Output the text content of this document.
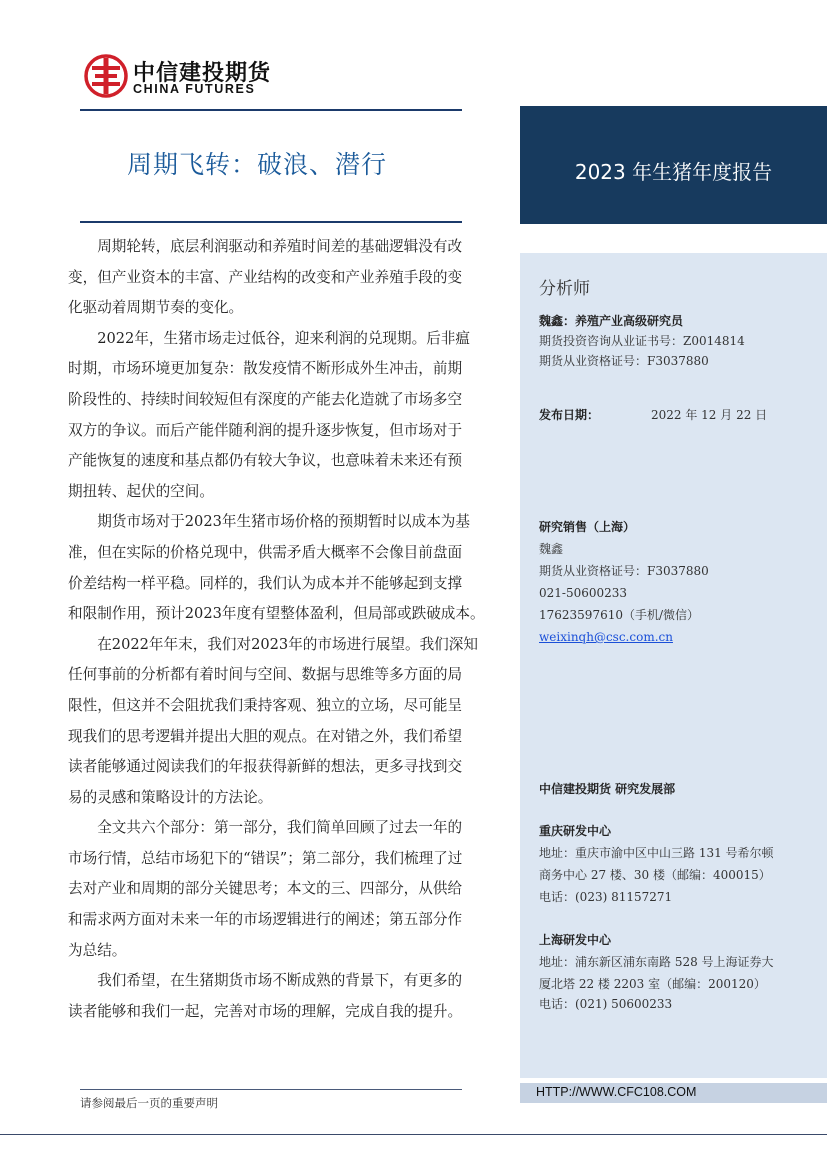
中信建投期货
CHINA FUTURES
周期飞转：破浪、潜行	2023 年生猪年度报告

周期轮转，底层利润驱动和养殖时间差的基础逻辑没有改
变，但产业资本的丰富、产业结构的改变和产业养殖手段的变
化驱动着周期节奏的变化。

2022年，生猪市场走过低谷，迎来利润的兑现期。后非瘟
时期，市场环境更加复杂：散发疫情不断形成外生冲击，前期
阶段性的、持续时间较短但有深度的产能去化造就了市场多空
双方的争议。而后产能伴随利润的提升逐步恢复，但市场对于
产能恢复的速度和基点都仍有较大争议，也意味着未来还有预
期扭转、起伏的空间。

期货市场对于2023年生猪市场价格的预期暂时以成本为基
准，但在实际的价格兑现中，供需矛盾大概率不会像目前盘面
价差结构一样平稳。同样的，我们认为成本并不能够起到支撑
和限制作用，预计2023年度有望整体盈利，但局部或跌破成本。

在2022年年末，我们对2023年的市场进行展望。我们深知
任何事前的分析都有着时间与空间、数据与思维等多方面的局
限性，但这并不会阻扰我们秉持客观、独立的立场，尽可能呈
现我们的思考逻辑并提出大胆的观点。在对错之外，我们希望
读者能够通过阅读我们的年报获得新鲜的想法，更多寻找到交
易的灵感和策略设计的方法论。

全文共六个部分：第一部分，我们简单回顾了过去一年的
市场行情，总结市场犯下的“错误”；第二部分，我们梳理了过
去对产业和周期的部分关键思考；本文的三、四部分，从供给
和需求两方面对未来一年的市场逻辑进行的阐述；第五部分作
为总结。

我们希望，在生猪期货市场不断成熟的背景下，有更多的
读者能够和我们一起，完善对市场的理解，完成自我的提升。

分析师
魏鑫：养殖产业高级研究员
期货投资咨询从业证书号：Z0014814
期货从业资格证号：F3037880
发布日期：	2022 年 12 月 22 日
研究销售（上海）
魏鑫
期货从业资格证号：F3037880
021-50600233
17623597610（手机/微信）
weixinqh@csc.com.cn
中信建投期货 研究发展部
重庆研发中心
地址：重庆市渝中区中山三路 131 号希尔顿
商务中心 27 楼、30 楼（邮编：400015）
电话：(023) 81157271
上海研发中心
地址：浦东新区浦东南路 528 号上海证券大
厦北塔 22 楼 2203 室（邮编：200120）
电话：(021) 50600233
HTTP://WWW.CFC108.COM
请参阅最后一页的重要声明
